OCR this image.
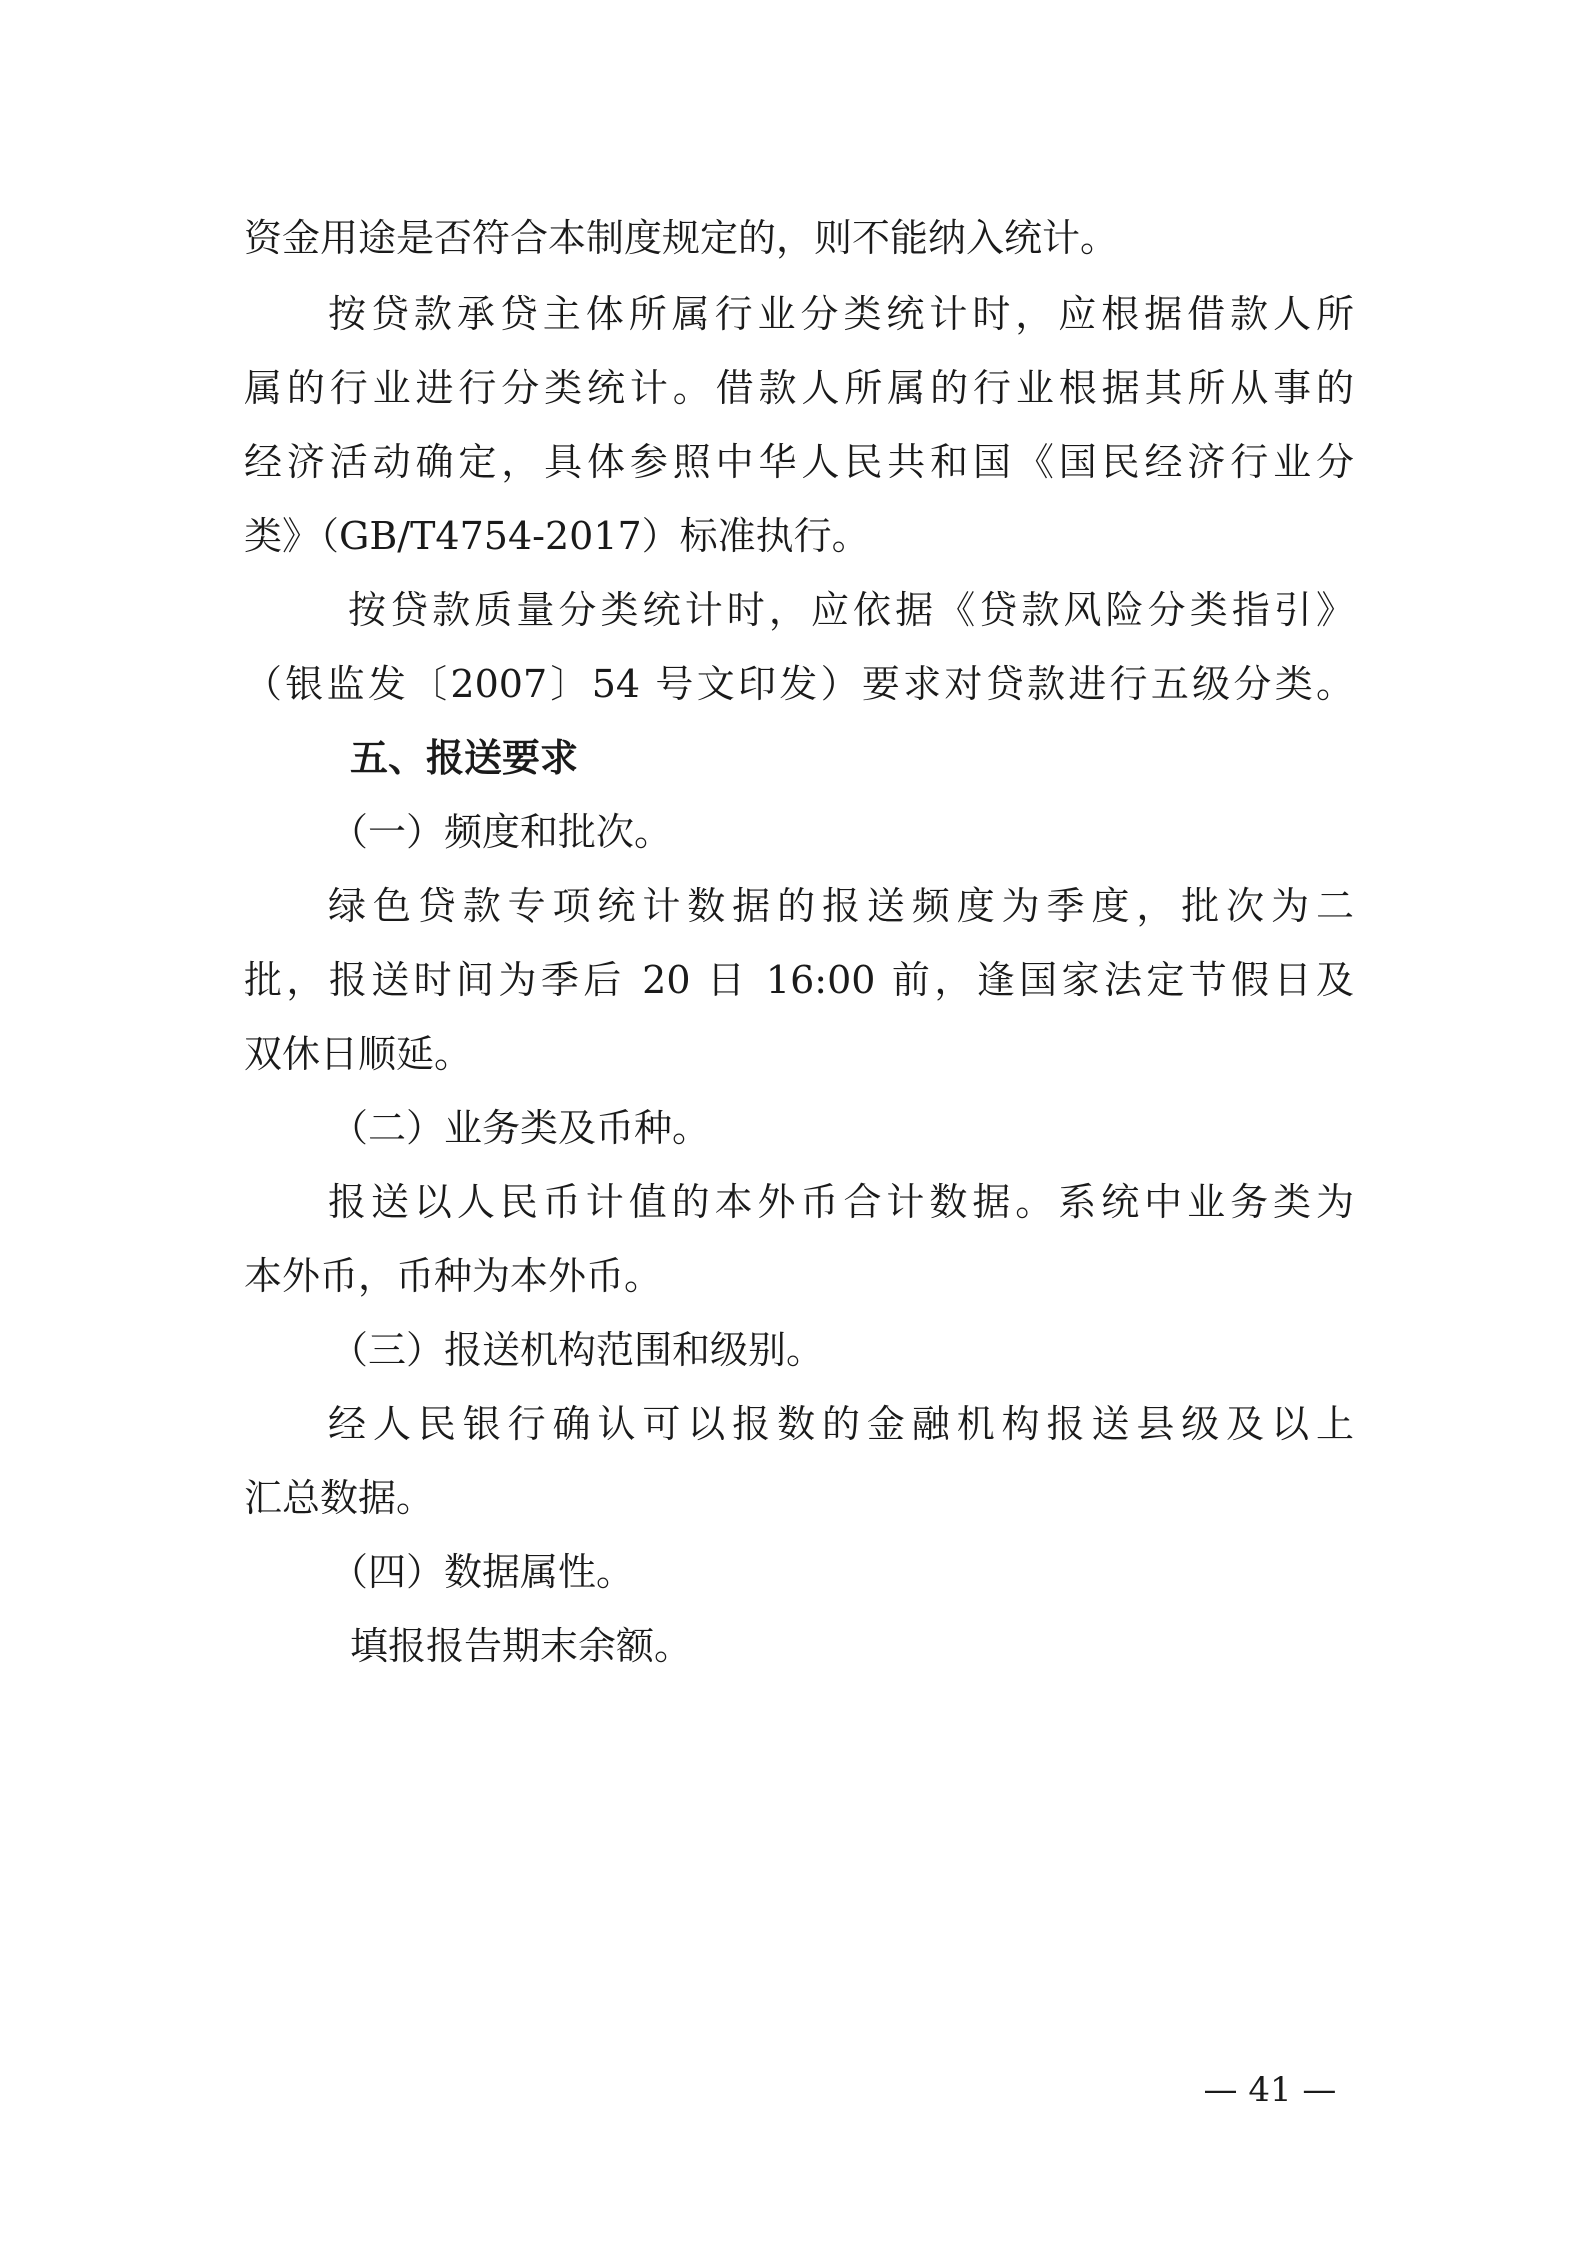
资金用途是否符合本制度规定的，则不能纳入统计。
按贷款承贷主体所属行业分类统计时，应根据借款人所
属的行业进行分类统计。借款人所属的行业根据其所从事的
经济活动确定，具体参照中华人民共和国《国民经济行业分
类》（GB/T4754-2017）标准执行。
按贷款质量分类统计时，应依据《贷款风险分类指引》
（银监发〔2007〕54 号文印发）要求对贷款进行五级分类。
五、报送要求
（一）频度和批次。
绿色贷款专项统计数据的报送频度为季度，批次为二
批，报送时间为季后 20 日 16:00 前，逢国家法定节假日及
双休日顺延。
（二）业务类及币种。
报送以人民币计值的本外币合计数据。系统中业务类为
本外币，币种为本外币。
（三）报送机构范围和级别。
经人民银行确认可以报数的金融机构报送县级及以上
汇总数据。
（四）数据属性。
填报报告期末余额。
— 41 —
